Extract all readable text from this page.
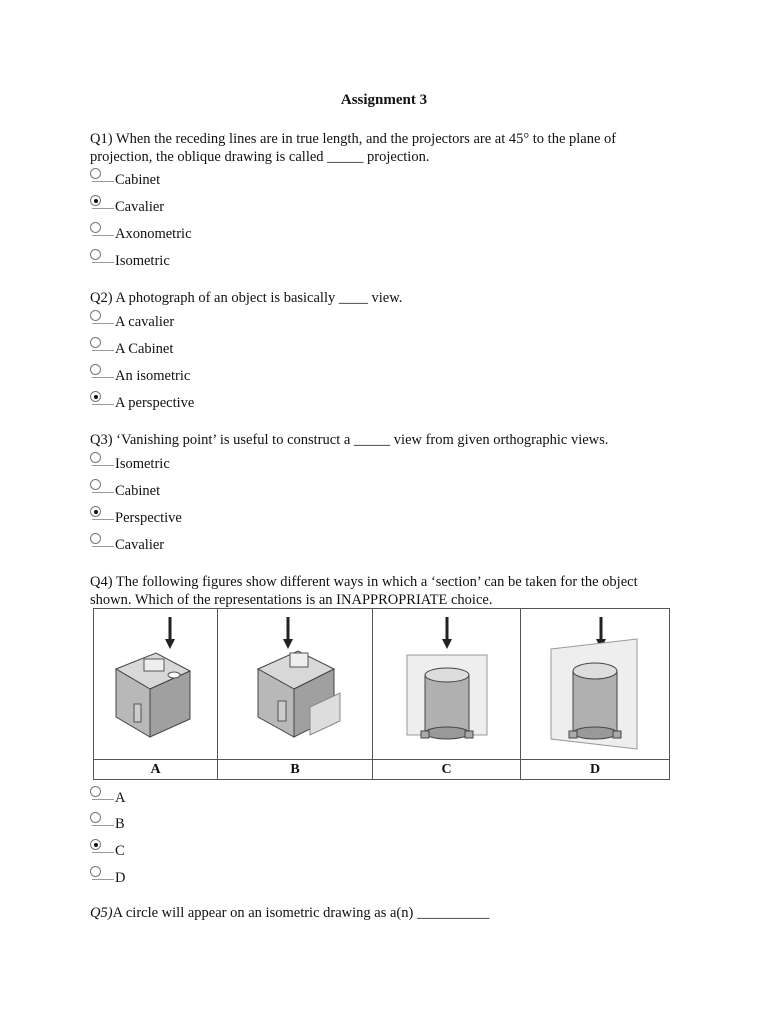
Assignment 3
Q1) When the receding lines are in true length, and the projectors are at 45° to the plane of projection, the oblique drawing is called _____ projection.
Cabinet
Cavalier
Axonometric
Isometric
Q2) A photograph of an object is basically ____ view.
A cavalier
A Cabinet
An isometric
A perspective
Q3) ‘Vanishing point’ is useful to construct a _____ view from given orthographic views.
Isometric
Cabinet
Perspective
Cavalier
Q4) The following figures show different ways in which a ‘section’ can be taken for the object shown. Which of the representations is an INAPPROPRIATE choice.
A	B	C	D
A
B
C
D
Q5)A circle will appear on an isometric drawing as a(n) __________
